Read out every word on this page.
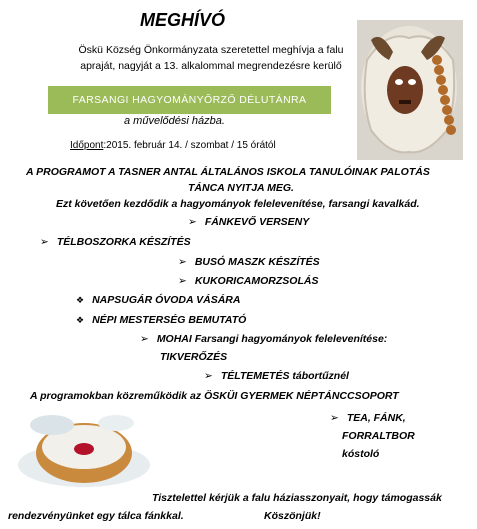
MEGHÍVÓ
Öskü Község Önkormányzata szeretettel meghívja a falu
apraját, nagyját a 13. alkalommal megrendezésre kerülő
FARSANGI HAGYOMÁNYŐRZŐ DÉLUTÁNRA
a művelődési házba.
Időpont:2015. február 14. / szombat / 15 órától
A PROGRAMOT A TASNER ANTAL ÁLTALÁNOS ISKOLA TANULÓINAK PALOTÁS
TÁNCA NYITJA MEG.
Ezt követően kezdődik a hagyományok felelevenítése, farsangi kavalkád.
➢ FÁNKEVŐ VERSENY
➢ TÉLBOSZORKA KÉSZÍTÉS
➢ BUSÓ MASZK KÉSZÍTÉS
➢ KUKORICAMORZSOLÁS
❖ NAPSUGÁR ÓVODA VÁSÁRA
❖ NÉPI MESTERSÉG BEMUTATÓ
➢ MOHAI Farsangi hagyományok felelevenítése:
TIKVERŐZÉS
➢ TÉLTEMETÉS tábortűznél
A programokban közreműködik az ÖSKÜI GYERMEK NÉPTÁNCCSOPORT
➢ TEA, FÁNK,
FORRALTBOR
kóstoló
Tisztelettel kérjük a falu háziasszonyait, hogy támogassák
rendezvényünket egy tálca fánkkal.	Köszönjük!
